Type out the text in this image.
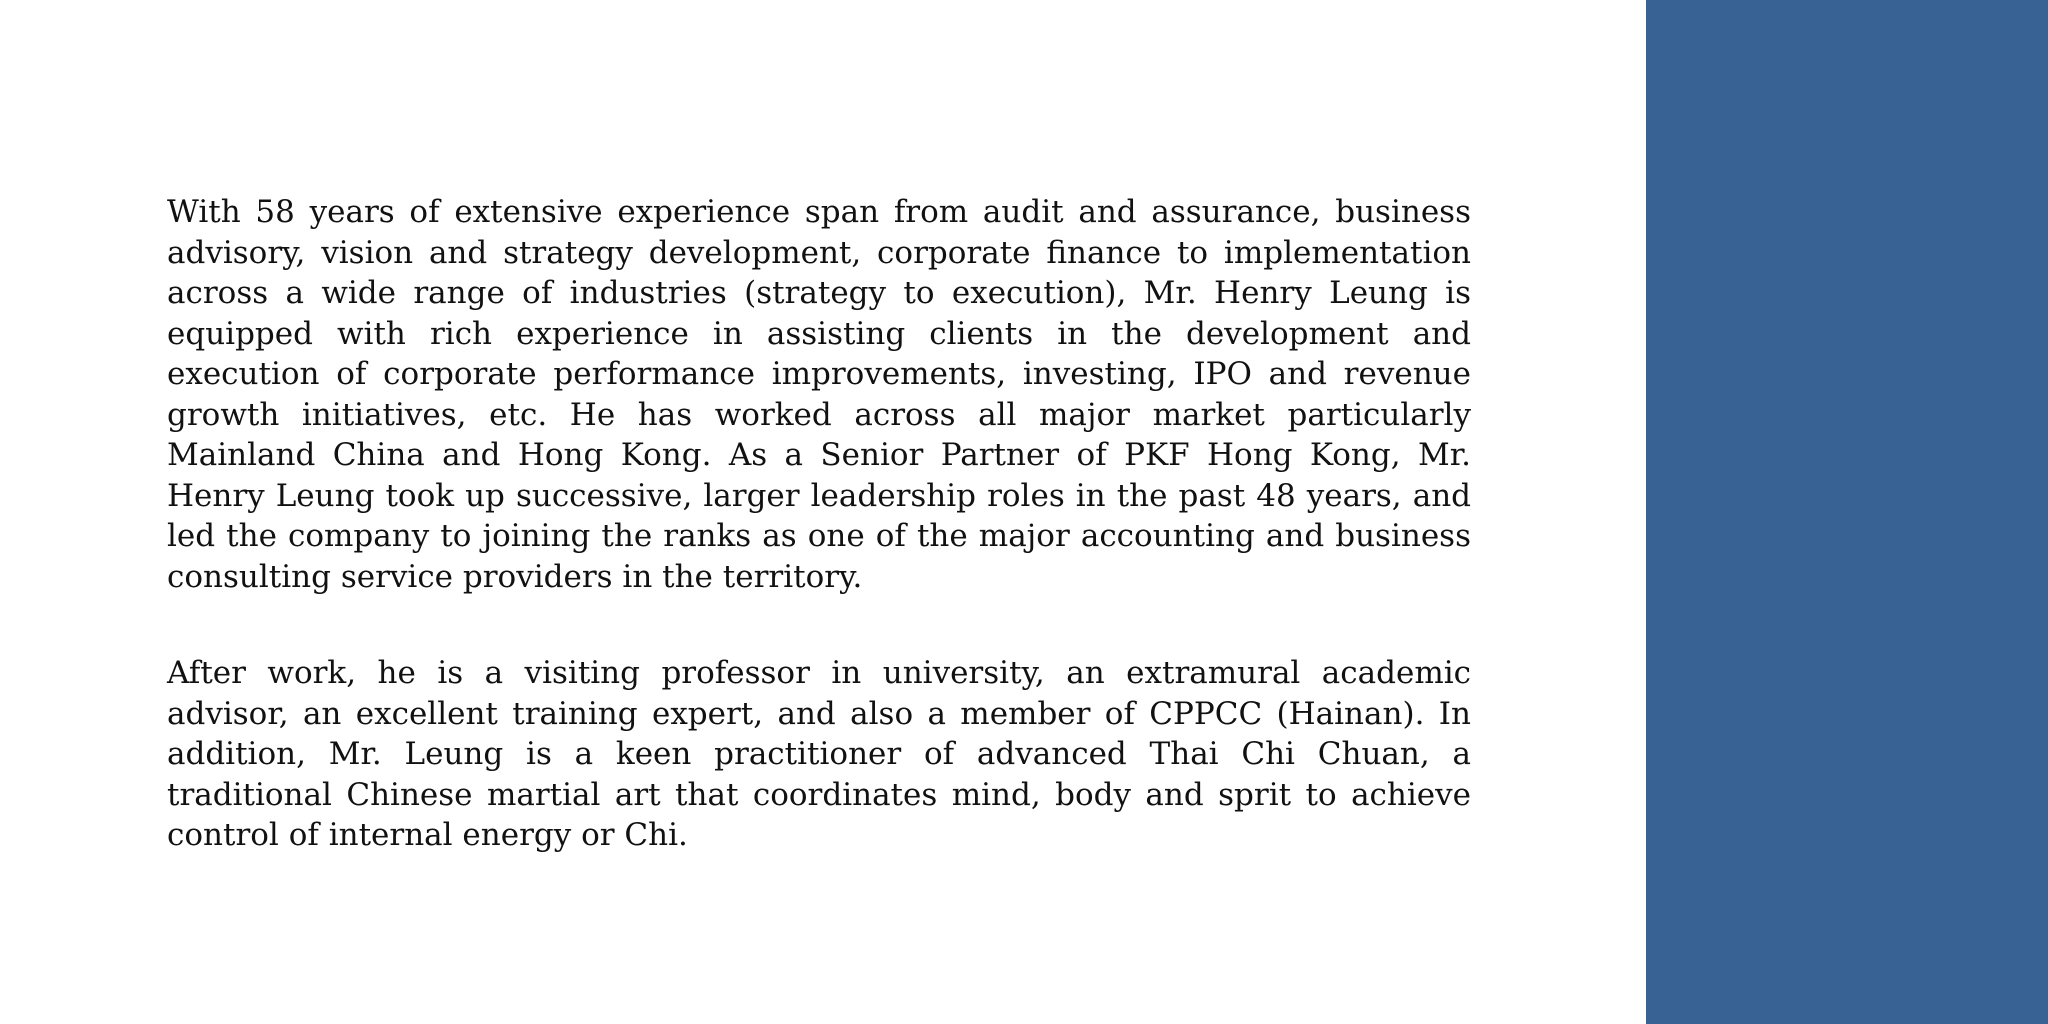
With 58 years of extensive experience span from audit and assurance, business advisory, vision and strategy development, corporate finance to implementation across a wide range of industries (strategy to execution), Mr. Henry Leung is equipped with rich experience in assisting clients in the development and execution of corporate performance improvements, investing, IPO and revenue growth initiatives, etc. He has worked across all major market particularly Mainland China and Hong Kong. As a Senior Partner of PKF Hong Kong, Mr. Henry Leung took up successive, larger leadership roles in the past 48 years, and led the company to joining the ranks as one of the major accounting and business consulting service providers in the territory.

After work, he is a visiting professor in university, an extramural academic advisor, an excellent training expert, and also a member of CPPCC (Hainan). In addition, Mr. Leung is a keen practitioner of advanced Thai Chi Chuan, a traditional Chinese martial art that coordinates mind, body and sprit to achieve control of internal energy or Chi.
